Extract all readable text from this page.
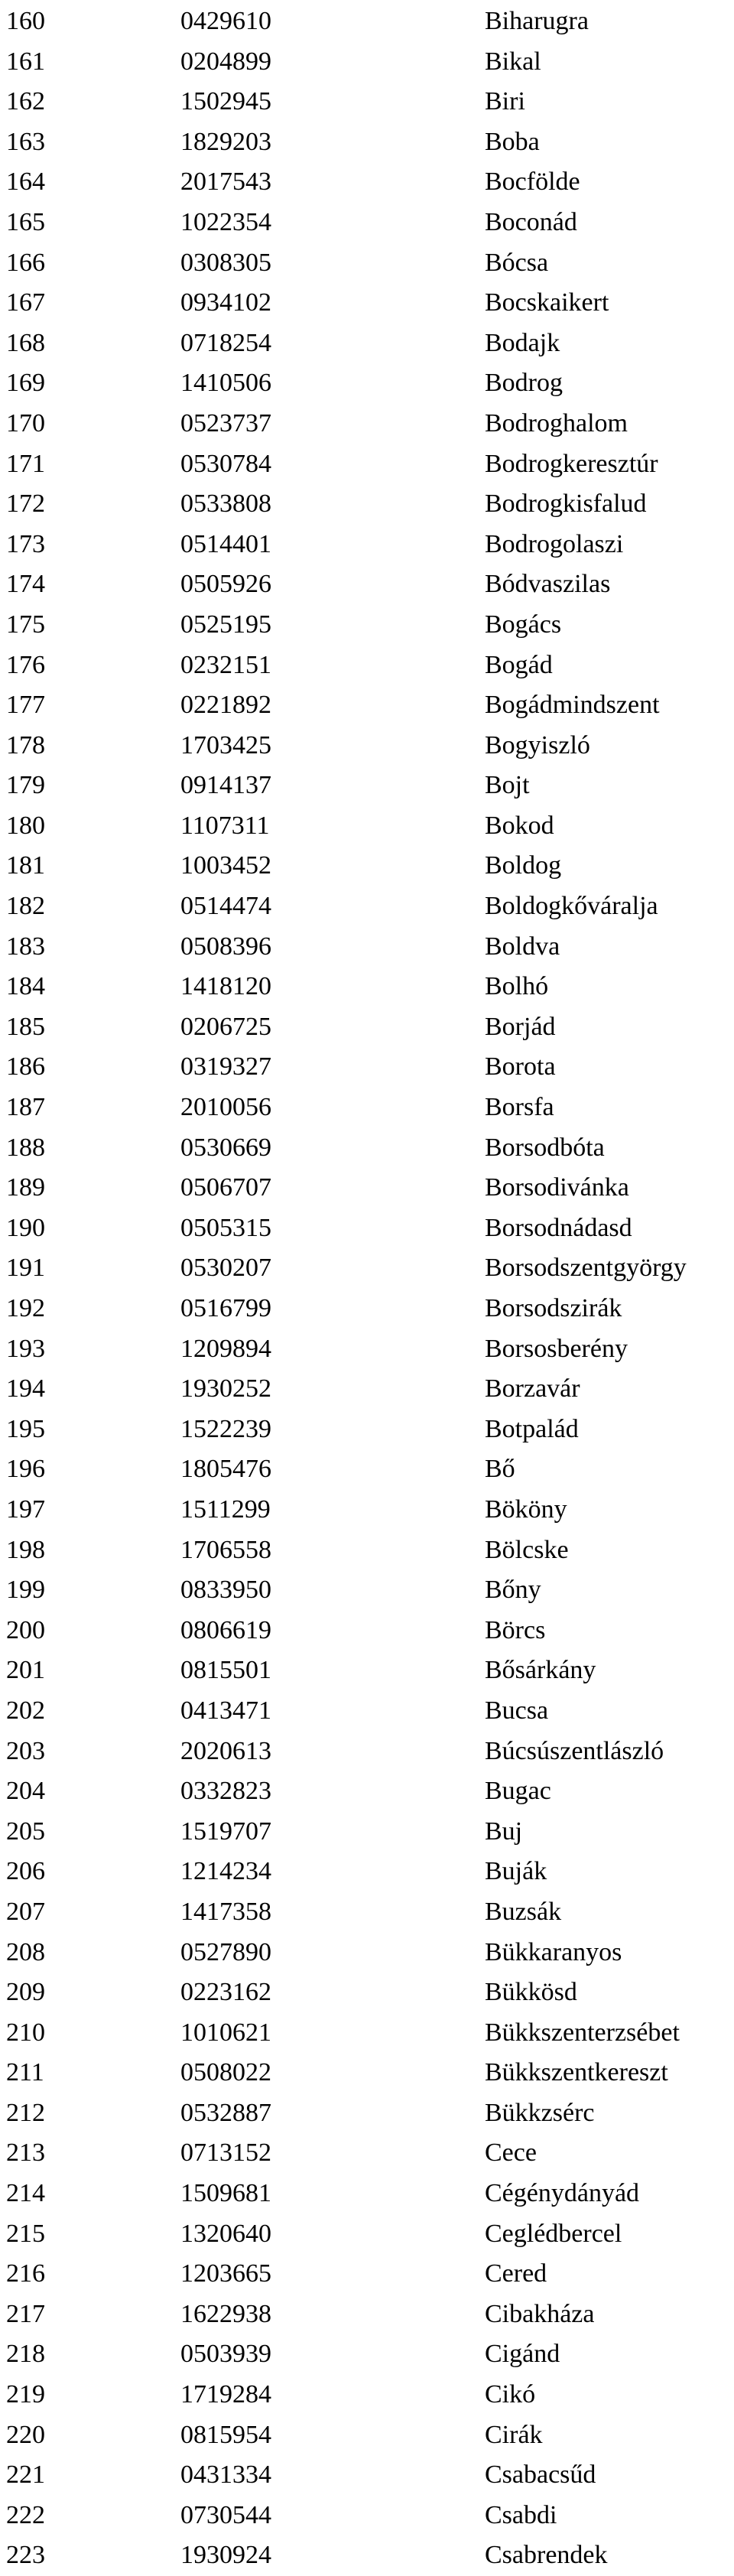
160	0429610	Biharugra
161	0204899	Bikal
162	1502945	Biri
163	1829203	Boba
164	2017543	Bocfölde
165	1022354	Boconád
166	0308305	Bócsa
167	0934102	Bocskaikert
168	0718254	Bodajk
169	1410506	Bodrog
170	0523737	Bodroghalom
171	0530784	Bodrogkeresztúr
172	0533808	Bodrogkisfalud
173	0514401	Bodrogolaszi
174	0505926	Bódvaszilas
175	0525195	Bogács
176	0232151	Bogád
177	0221892	Bogádmindszent
178	1703425	Bogyiszló
179	0914137	Bojt
180	1107311	Bokod
181	1003452	Boldog
182	0514474	Boldogkőváralja
183	0508396	Boldva
184	1418120	Bolhó
185	0206725	Borjád
186	0319327	Borota
187	2010056	Borsfa
188	0530669	Borsodbóta
189	0506707	Borsodivánka
190	0505315	Borsodnádasd
191	0530207	Borsodszentgyörgy
192	0516799	Borsodszirák
193	1209894	Borsosberény
194	1930252	Borzavár
195	1522239	Botpalád
196	1805476	Bő
197	1511299	Bököny
198	1706558	Bölcske
199	0833950	Bőny
200	0806619	Börcs
201	0815501	Bősárkány
202	0413471	Bucsa
203	2020613	Búcsúszentlászló
204	0332823	Bugac
205	1519707	Buj
206	1214234	Buják
207	1417358	Buzsák
208	0527890	Bükkaranyos
209	0223162	Bükkösd
210	1010621	Bükkszenterzsébet
211	0508022	Bükkszentkereszt
212	0532887	Bükkzsérc
213	0713152	Cece
214	1509681	Cégénydányád
215	1320640	Ceglédbercel
216	1203665	Cered
217	1622938	Cibakháza
218	0503939	Cigánd
219	1719284	Cikó
220	0815954	Cirák
221	0431334	Csabacsűd
222	0730544	Csabdi
223	1930924	Csabrendek
